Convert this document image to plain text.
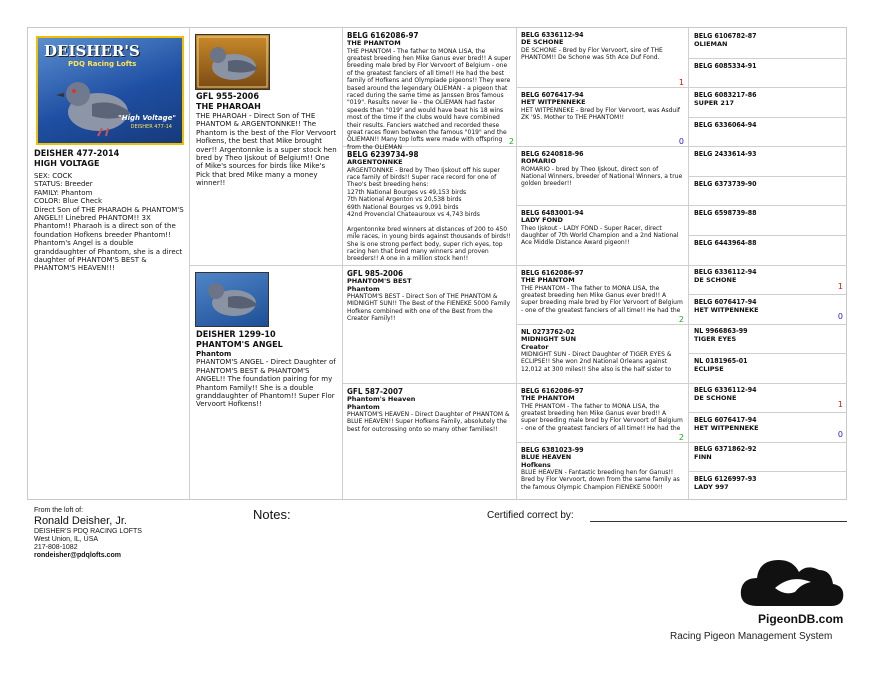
DEISHER'S
PDQ Racing Lofts
"High Voltage"
DEISHER 477-14
DEISHER 477-2014
HIGH VOLTAGE
SEX: COCK
STATUS: Breeder
FAMILY: Phantom
COLOR: Blue Check
Direct Son of THE PHARAOH & PHANTOM'S ANGEL!! Linebred PHANTOM!! 3X Phantom!! Pharaoh is a direct son of the foundation Hofkens breeder Phantom!! Phantom's Angel is a double granddaughter of Phantom, she is a direct daughter of PHANTOM'S BEST & PHANTOM'S HEAVEN!!!
GFL 955-2006
THE PHAROAH
THE PHAROAH - Direct Son of THE PHANTOM & ARGENTONNKE!! The Phantom is the best of the Flor Vervoort Hofkens, the best that Mike brought over!! Argentonnke is a super stock hen bred by Theo Ijskout of Belgium!! One of Mike's sources for birds like Mike's Pick that bred Mike many a money winner!!
DEISHER 1299-10
PHANTOM'S ANGEL
Phantom
PHANTOM'S ANGEL - Direct Daughter of PHANTOM'S BEST & PHANTOM'S ANGEL!! The foundation pairing for my Phantom Family!! She is a double granddaughter of Phantom!! Super Flor Vervoort Hofkens!!
BELG 6162086-97
THE PHANTOM
THE PHANTOM - The father to MONA LISA, the greatest breeding hen Mike Ganus ever bred!! A super breeding male bred by Flor Vervoort of Belgium - one of the greatest fanciers of all time!! He had the best family of Hofkens and Olympiade pigeons!! They were based around the legendary OLIEMAN - a pigeon that raced during the same time as Janssen Bros famous "019". Results never lie - the OLIEMAN had faster speeds than "019" and would have beat his 18 wins most of the time if the clubs would have combined their results. Fanciers watched and recorded these great races flown between the famous "019" and the OLIEMAN!! Many top lofts were made with offspring from the OLIEMAN
2
BELG 6239734-98
ARGENTONNKE
ARGENTONNKE - Bred by Theo Ijskout off his super race family of birds!! Super race record for one of Theo's best breeding hens:
127th National Bourges vs 49,153 birds
7th National Argenton vs 20,538 birds
69th National Bourges vs 9,091 birds
42nd Provencial Chateauroux vs 4,743 birds

Argentonnke bred winners at distances of 200 to 450 mile races, in young birds against thousands of birds!! She is one strong perfect body, super rich eyes, top racing hen that bred many winners and proven breeders!! A one in a million stock hen!!
GFL 985-2006
PHANTOM'S BEST
Phantom
PHANTOM'S BEST - Direct Son of THE PHANTOM & MIDNIGHT SUN!! The Best of the FIENEKE 5000 Family Hofkens combined with one of the Best from the Creator Family!!
GFL 587-2007
Phantom's Heaven
Phantom
PHANTOM'S HEAVEN - Direct Daughter of PHANTOM & BLUE HEAVEN!! Super Hofkens Family, absolutely the best for outcrossing onto so many other families!!
BELG 6336112-94
DE SCHONE
DE SCHONE - Bred by Flor Vervoort, sire of THE PHANTOM!! De Schone was 5th Ace Duf Fond.
1
BELG 6076417-94
HET WITPENNEKE
HET WITPENNEKE - Bred by Flor Vervoort, was Asduif ZK '95. Mother to THE PHANTOM!!
0
BELG 6240818-96
ROMARIO
ROMARIO - bred by Theo Ijskout, direct son of National Winners, breeder of National Winners, a true golden breeder!!
BELG 6483001-94
LADY FOND
Theo Ijskout - LADY FOND - Super Racer, direct daughter of 7th World Champion and a 2nd National Ace Middle Distance Award pigeon!!
BELG 6162086-97
THE PHANTOM
THE PHANTOM - The father to MONA LISA, the greatest breeding hen Mike Ganus ever bred!! A super breeding male bred by Flor Vervoort of Belgium - one of the greatest fanciers of all time!! He had the
2
NL 0273762-02
MIDNIGHT SUN
Creator
MIDNIGHT SUN - Direct Daughter of TIGER EYES & ECLIPSE!! She won 2nd National Orleans against 12,012 at 300 miles!! She also is the half sister to
BELG 6162086-97
THE PHANTOM
THE PHANTOM - The father to MONA LISA, the greatest breeding hen Mike Ganus ever bred!! A super breeding male bred by Flor Vervoort of Belgium - one of the greatest fanciers of all time!! He had the
2
BELG 6381023-99
BLUE HEAVEN
Hofkens
BLUE HEAVEN - Fantastic breeding hen for Ganus!! Bred by Flor Vervoort, down from the same family as the famous Olympic Champion FIENEKE 5000!!
BELG 6106782-87
OLIEMAN
BELG 6085334-91
BELG 6083217-86
SUPER 217
BELG 6336064-94
BELG 2433614-93
BELG 6373739-90
BELG 6598739-88
BELG 6443964-88
BELG 6336112-94
DE SCHONE
1
BELG 6076417-94
HET WITPENNEKE
0
NL 9966863-99
TIGER EYES
NL 0181965-01
ECLIPSE
BELG 6336112-94
DE SCHONE
1
BELG 6076417-94
HET WITPENNEKE
0
BELG 6371862-92
FINN
BELG 6126997-93
LADY 997
From the loft of:
Ronald Deisher, Jr.
DEISHER'S PDQ RACING LOFTS
West Union, IL, USA
217-808-1082
rondeisher@pdqlofts.com
Notes:	Certified correct by:
PigeonDB.com
Racing Pigeon Management System
